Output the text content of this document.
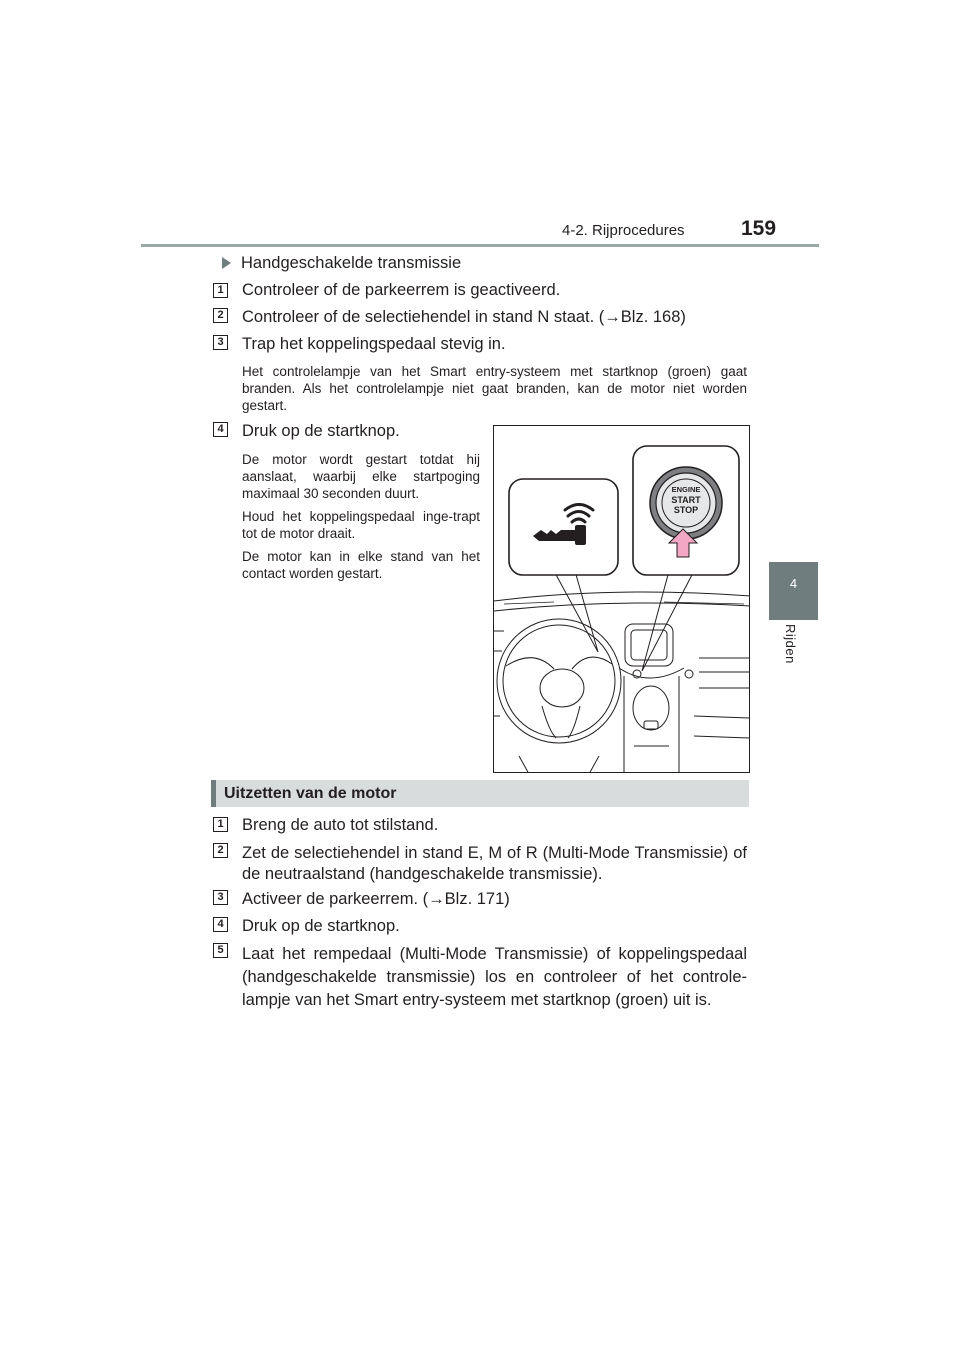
4-2. Rijprocedures	159
4
Rijden
Handgeschakelde transmissie
1 Controleer of de parkeerrem is geactiveerd.
2 Controleer of de selectiehendel in stand N staat. (→Blz. 168)
3 Trap het koppelingspedaal stevig in.
Het controlelampje van het Smart entry-systeem met startknop (groen) gaat branden. Als het controlelampje niet gaat branden, kan de motor niet worden gestart.
4 Druk op de startknop.
De motor wordt gestart totdat hij aanslaat, waarbij elke startpoging maximaal 30 seconden duurt.
Houd het koppelingspedaal inge-trapt tot de motor draait.
De motor kan in elke stand van het contact worden gestart.
ENGINE
START
STOP
Uitzetten van de motor
1 Breng de auto tot stilstand.
2 Zet de selectiehendel in stand E, M of R (Multi-Mode Transmissie) of de neutraalstand (handgeschakelde transmissie).
3 Activeer de parkeerrem. (→Blz. 171)
4 Druk op de startknop.
5 Laat het rempedaal (Multi-Mode Transmissie) of koppelingspedaal (handgeschakelde transmissie) los en controleer of het controle-lampje van het Smart entry-systeem met startknop (groen) uit is.
